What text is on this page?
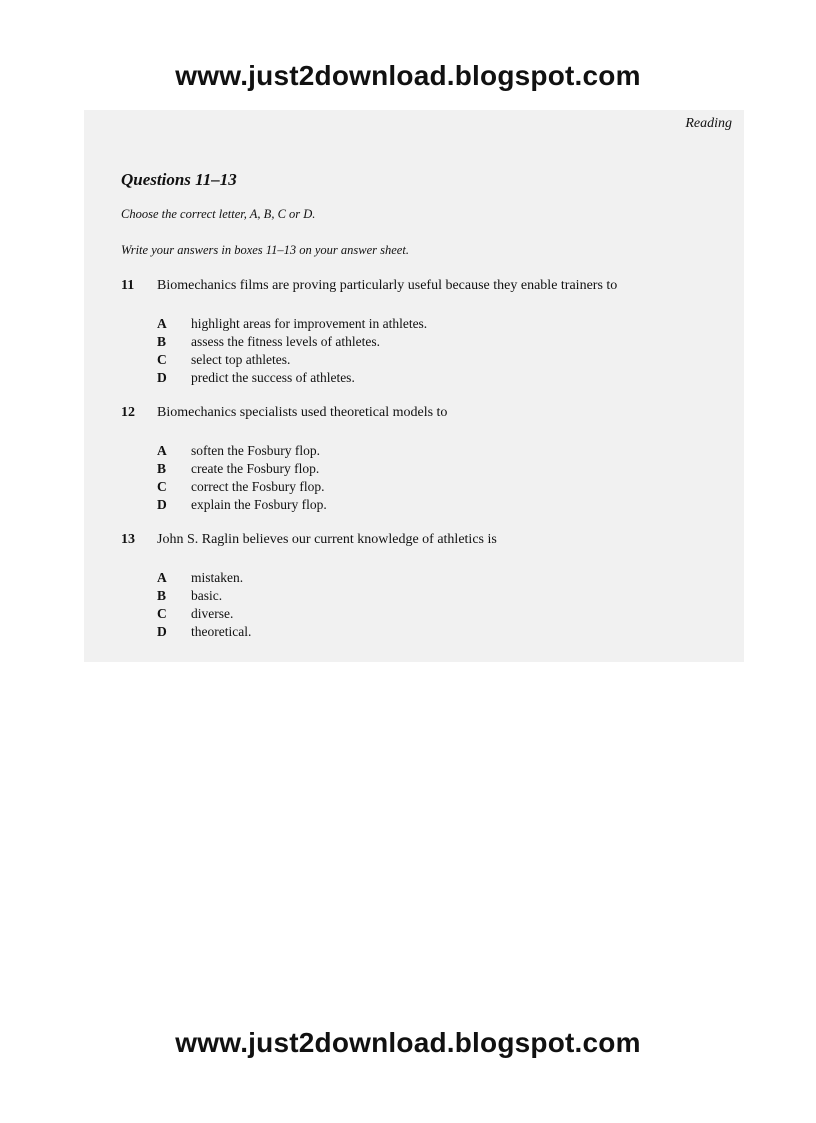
www.just2download.blogspot.com
Reading
Questions 11–13
Choose the correct letter, A, B, C or D.
Write your answers in boxes 11–13 on your answer sheet.
11 Biomechanics films are proving particularly useful because they enable trainers to
A highlight areas for improvement in athletes.
B assess the fitness levels of athletes.
C select top athletes.
D predict the success of athletes.
12 Biomechanics specialists used theoretical models to
A soften the Fosbury flop.
B create the Fosbury flop.
C correct the Fosbury flop.
D explain the Fosbury flop.
13 John S. Raglin believes our current knowledge of athletics is
A mistaken.
B basic.
C diverse.
D theoretical.
www.just2download.blogspot.com
